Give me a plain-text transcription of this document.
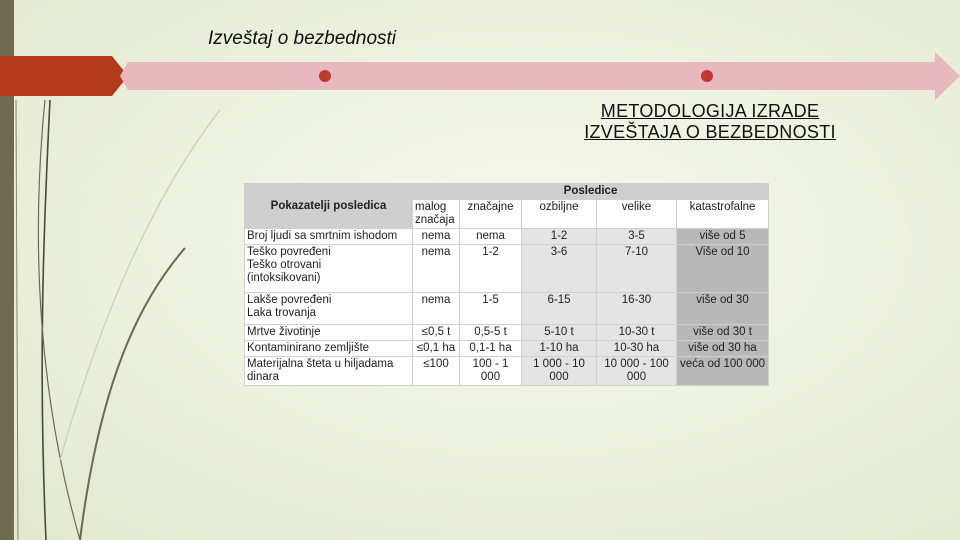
Izveštaj o bezbednosti
METODOLOGIJA IZRADE
IZVEŠTAJA O BEZBEDNOSTI
Pokazatelji posledica	Posledice				
	malog značaja	značajne	ozbiljne	velike	katastrofalne
Broj ljudi sa smrtnim ishodom	nema	nema	1-2	3-5	više od 5
Teško povređeni
Teško otrovani
(intoksikovani)	nema	1-2	3-6	7-10	Više od 10
Lakše povređeni
Laka trovanja	nema	1-5	6-15	16-30	više od 30
Mrtve životinje	≤0,5 t	0,5-5 t	5-10 t	10-30 t	više od 30 t
Kontaminirano zemljište	≤0,1 ha	0,1-1 ha	1-10 ha	10-30 ha	više od 30 ha
Materijalna šteta u hiljadama dinara	≤100	100 - 1 000	1 000 - 10 000	10 000 - 100 000	veća od 100 000
